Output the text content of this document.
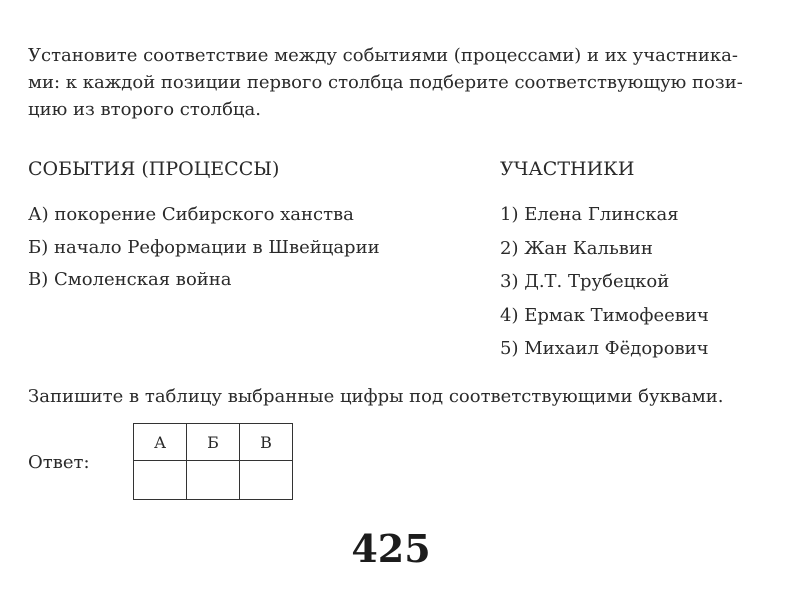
Установите соответствие между событиями (процессами) и их участника-
ми: к каждой позиции первого столбца подберите соответствующую пози-
цию из второго столбца.
СОБЫТИЯ (ПРОЦЕССЫ)	УЧАСТНИКИ
А) покорение Сибирского ханства
Б) начало Реформации в Швейцарии
В) Смоленская война
1) Елена Глинская
2) Жан Кальвин
3) Д.Т. Трубецкой
4) Ермак Тимофеевич
5) Михаил Фёдорович
Запишите в таблицу выбранные цифры под соответствующими буквами.
Ответ:
А	Б	В

425
